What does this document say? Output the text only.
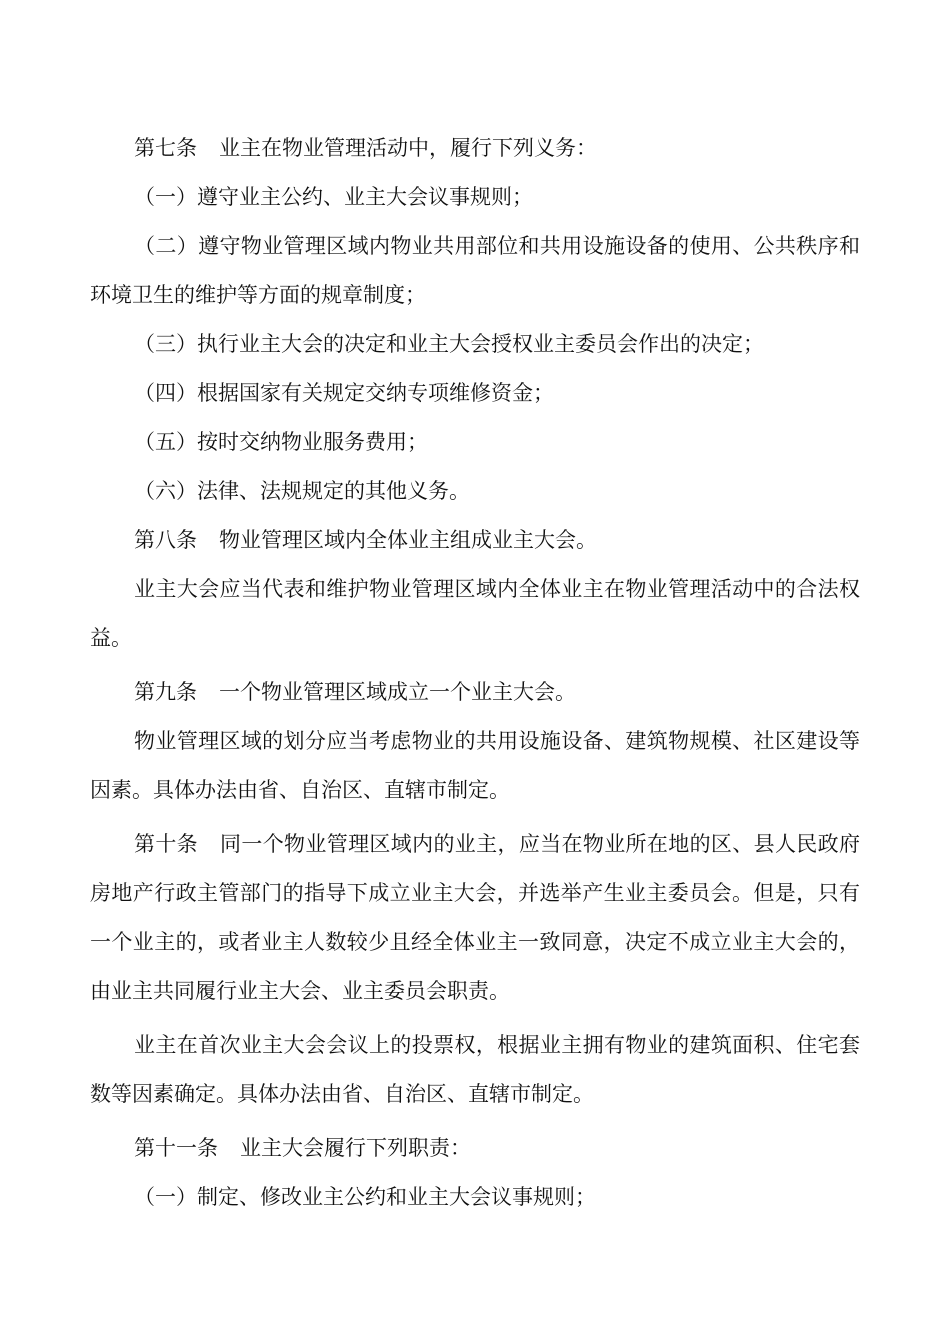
第七条 业主在物业管理活动中，履行下列义务：

（一）遵守业主公约、业主大会议事规则；

（二）遵守物业管理区域内物业共用部位和共用设施设备的使用、公共秩序和环境卫生的维护等方面的规章制度；

（三）执行业主大会的决定和业主大会授权业主委员会作出的决定；

（四）根据国家有关规定交纳专项维修资金；

（五）按时交纳物业服务费用；

（六）法律、法规规定的其他义务。

第八条 物业管理区域内全体业主组成业主大会。

业主大会应当代表和维护物业管理区域内全体业主在物业管理活动中的合法权益。

第九条 一个物业管理区域成立一个业主大会。

物业管理区域的划分应当考虑物业的共用设施设备、建筑物规模、社区建设等因素。具体办法由省、自治区、直辖市制定。

第十条 同一个物业管理区域内的业主，应当在物业所在地的区、县人民政府房地产行政主管部门的指导下成立业主大会，并选举产生业主委员会。但是，只有一个业主的，或者业主人数较少且经全体业主一致同意，决定不成立业主大会的，由业主共同履行业主大会、业主委员会职责。

业主在首次业主大会会议上的投票权，根据业主拥有物业的建筑面积、住宅套数等因素确定。具体办法由省、自治区、直辖市制定。

第十一条 业主大会履行下列职责：

（一）制定、修改业主公约和业主大会议事规则；
